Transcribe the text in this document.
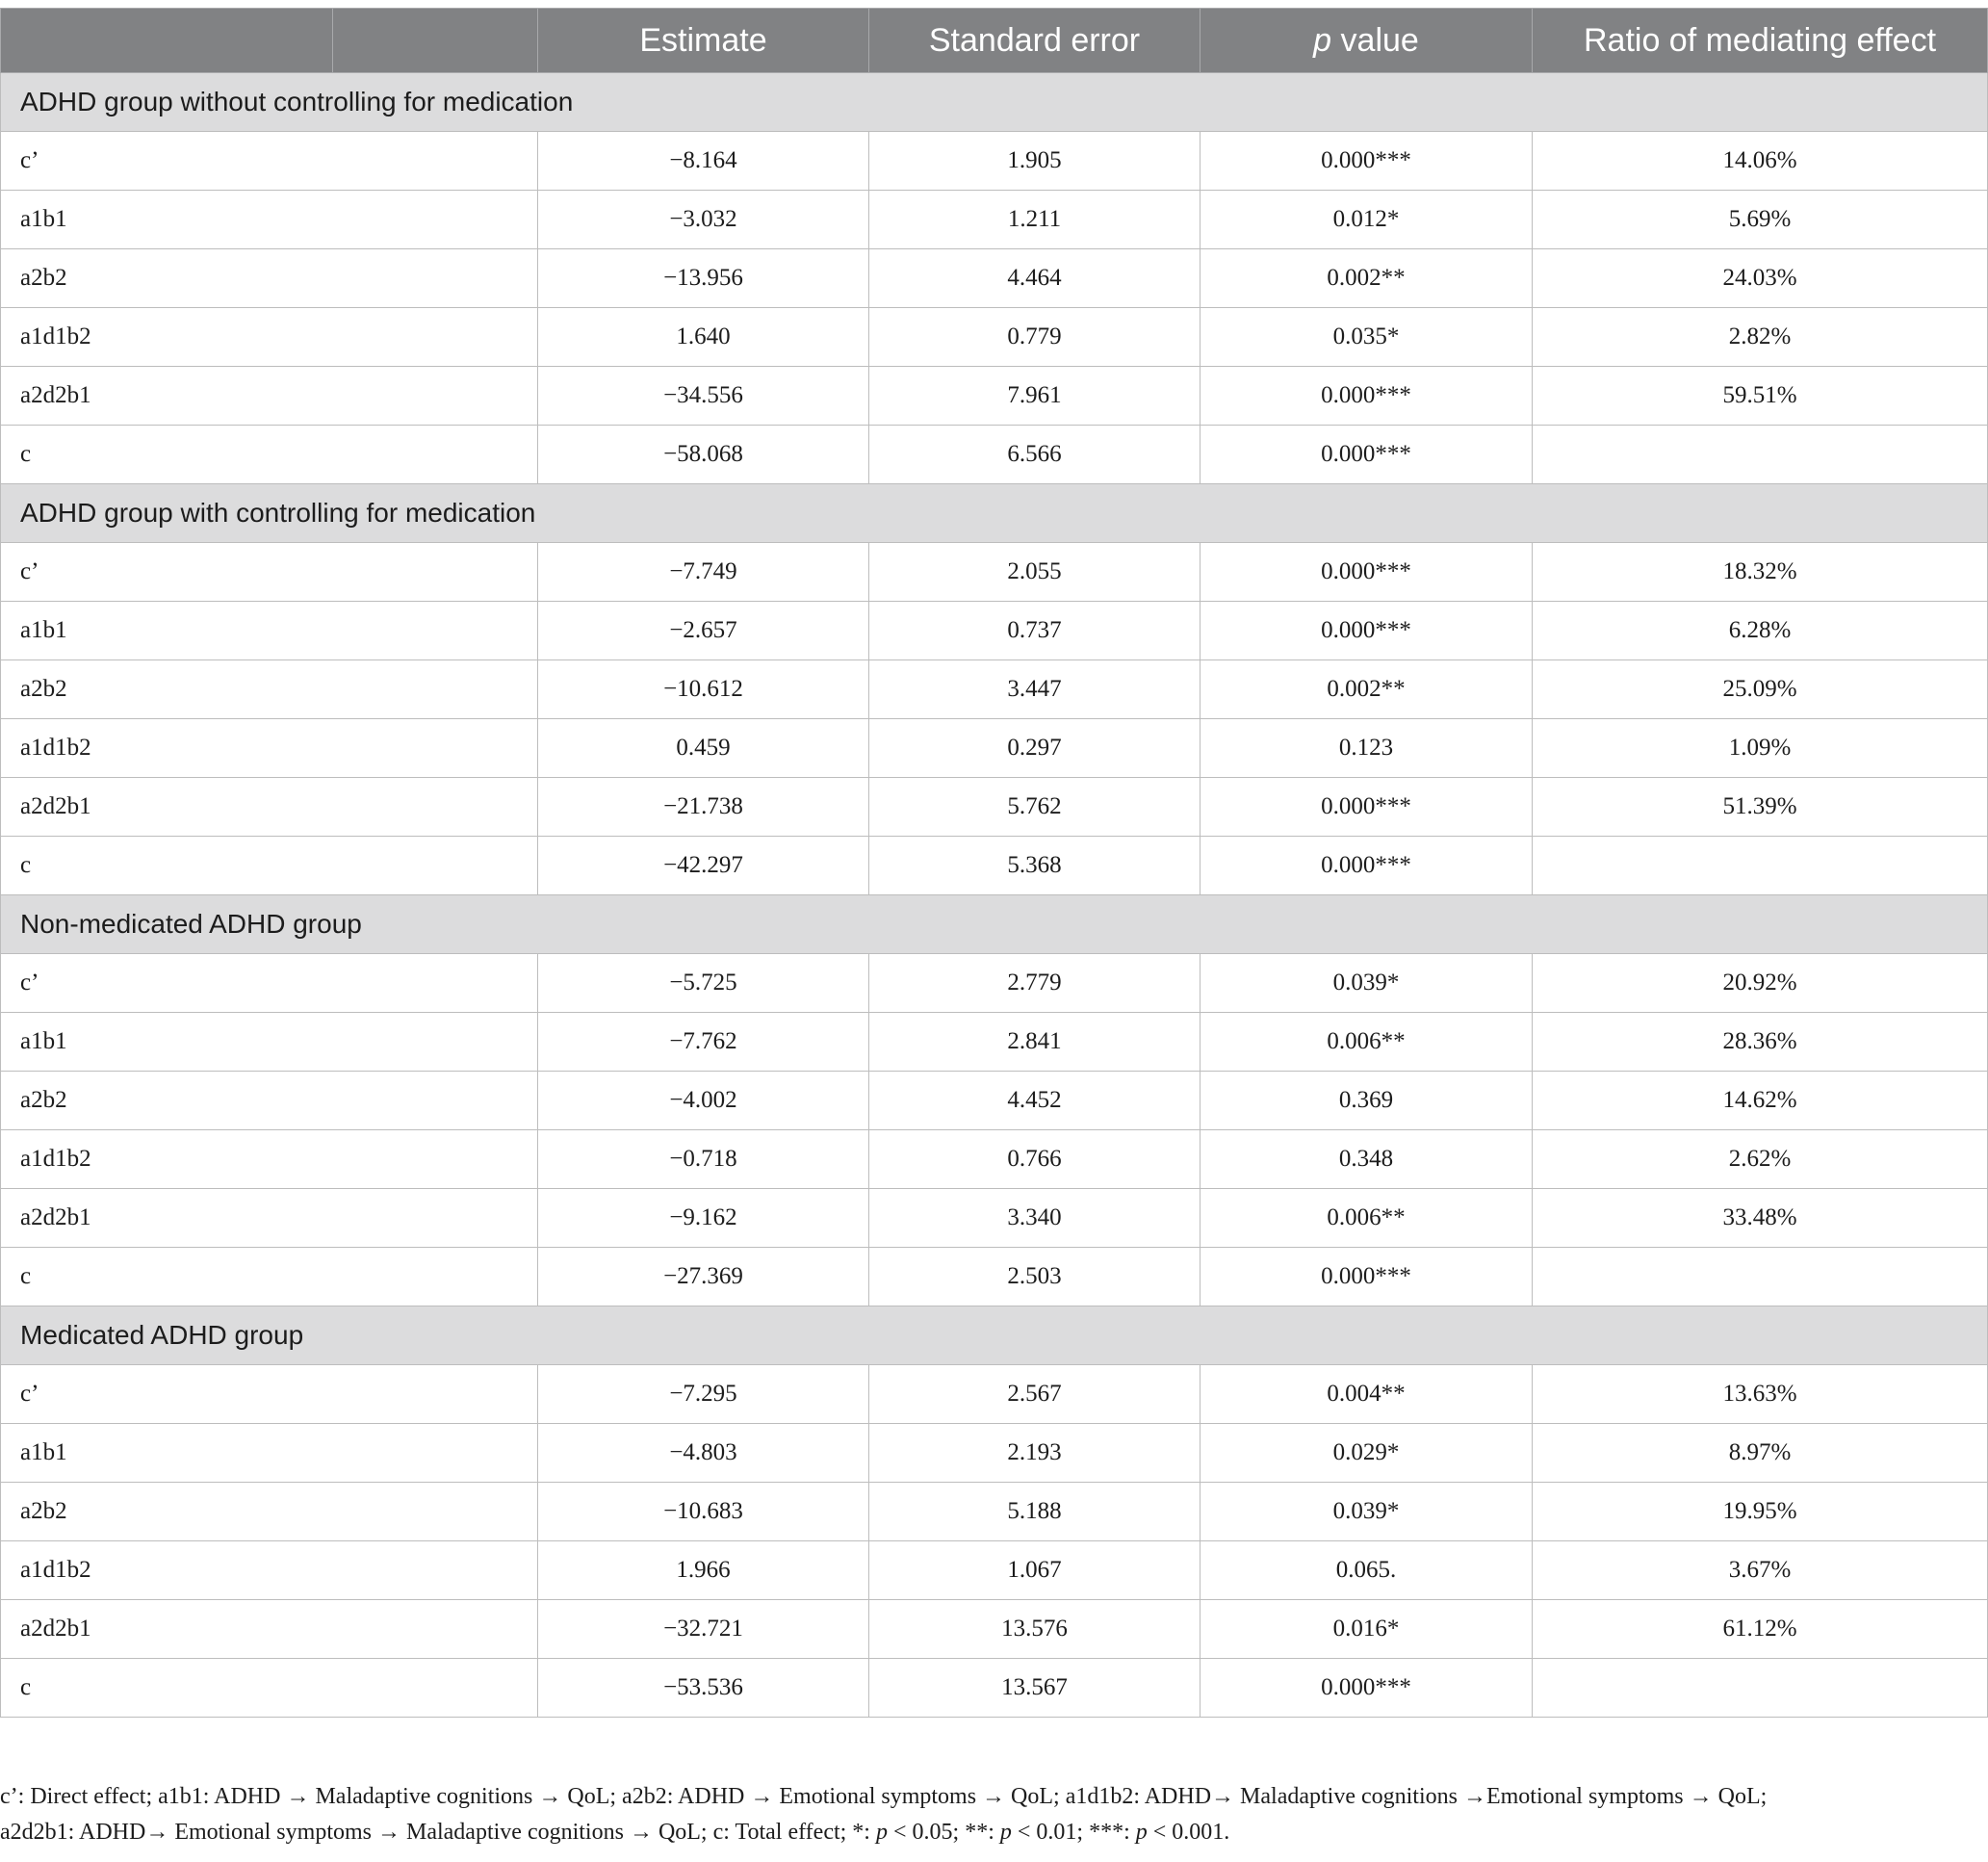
		Estimate	Standard error	p value	Ratio of mediating effect
ADHD group without controlling for medication					
c’		−8.164	1.905	0.000***	14.06%
a1b1		−3.032	1.211	0.012*	5.69%
a2b2		−13.956	4.464	0.002**	24.03%
a1d1b2		1.640	0.779	0.035*	2.82%
a2d2b1		−34.556	7.961	0.000***	59.51%
c		−58.068	6.566	0.000***	
ADHD group with controlling for medication					
c’		−7.749	2.055	0.000***	18.32%
a1b1		−2.657	0.737	0.000***	6.28%
a2b2		−10.612	3.447	0.002**	25.09%
a1d1b2		0.459	0.297	0.123	1.09%
a2d2b1		−21.738	5.762	0.000***	51.39%
c		−42.297	5.368	0.000***	
Non-medicated ADHD group					
c’		−5.725	2.779	0.039*	20.92%
a1b1		−7.762	2.841	0.006**	28.36%
a2b2		−4.002	4.452	0.369	14.62%
a1d1b2		−0.718	0.766	0.348	2.62%
a2d2b1		−9.162	3.340	0.006**	33.48%
c		−27.369	2.503	0.000***	
Medicated ADHD group					
c’		−7.295	2.567	0.004**	13.63%
a1b1		−4.803	2.193	0.029*	8.97%
a2b2		−10.683	5.188	0.039*	19.95%
a1d1b2		1.966	1.067	0.065.	3.67%
a2d2b1		−32.721	13.576	0.016*	61.12%
c		−53.536	13.567	0.000***	
c’: Direct effect; a1b1: ADHD → Maladaptive cognitions → QoL; a2b2: ADHD → Emotional symptoms → QoL; a1d1b2: ADHD→ Maladaptive cognitions →Emotional symptoms → QoL;
a2d2b1: ADHD→ Emotional symptoms → Maladaptive cognitions → QoL; c: Total effect; *: p < 0.05; **: p < 0.01; ***: p < 0.001.
